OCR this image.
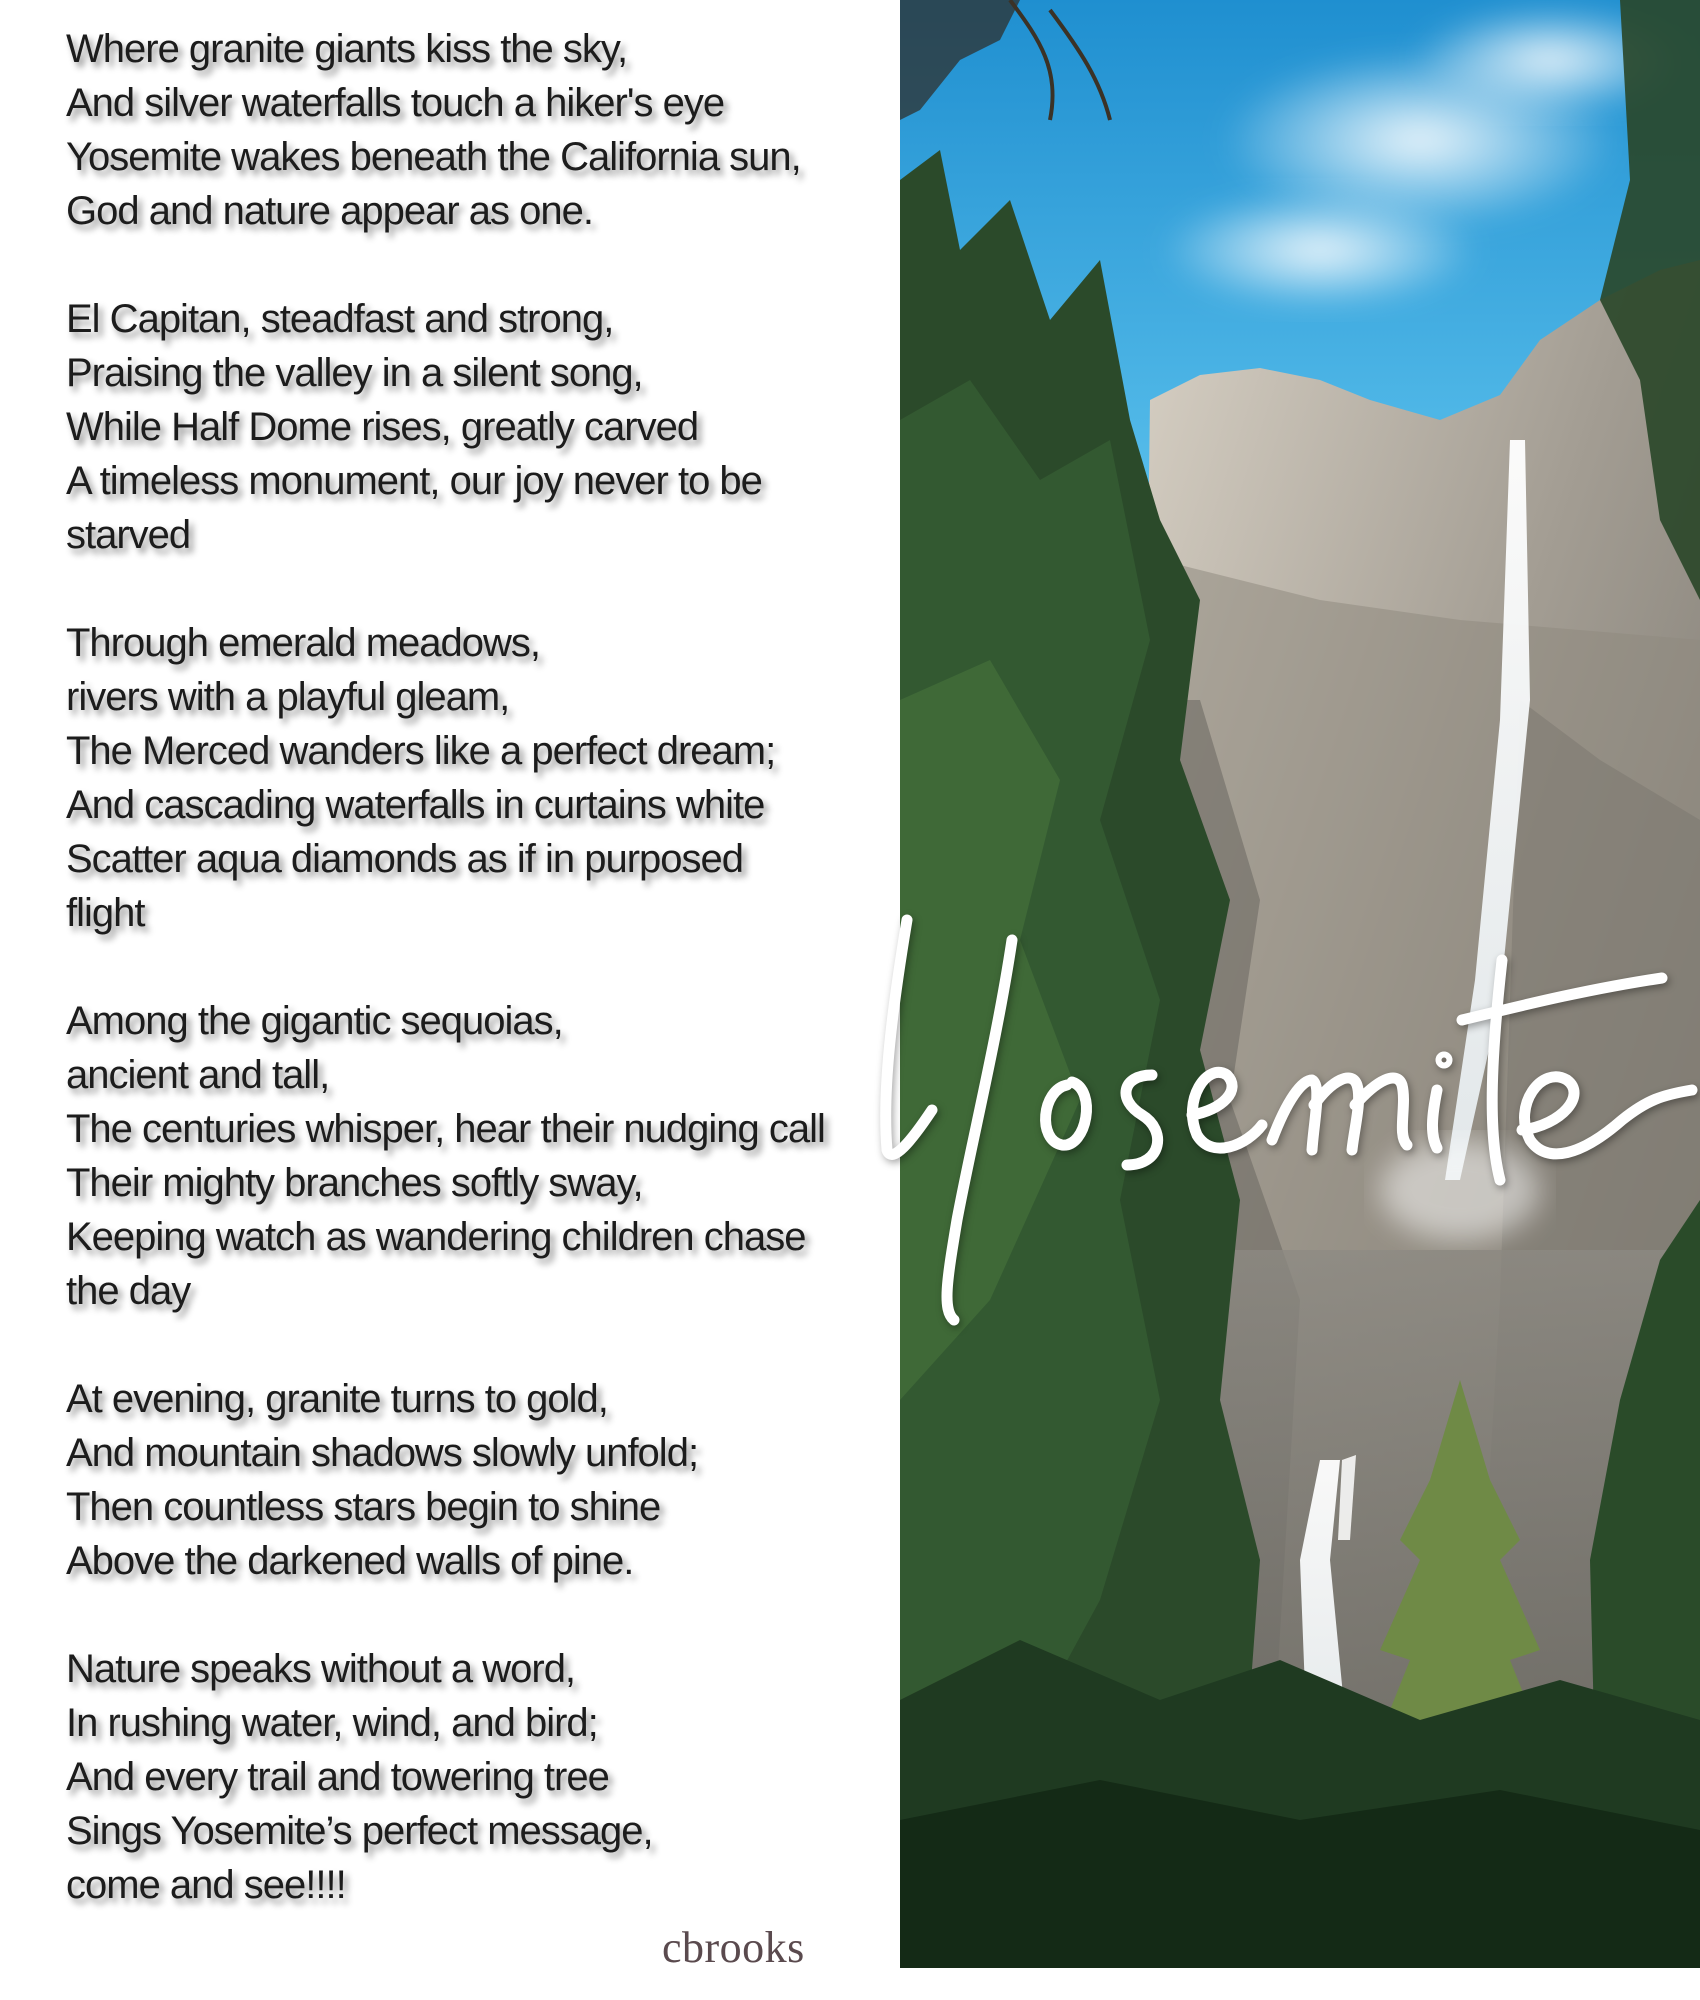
Where granite giants kiss the sky,
And silver waterfalls touch a hiker's eye
Yosemite wakes beneath the California sun,
God and nature appear as one.
El Capitan, steadfast and strong,
Praising the valley in a silent song,
While Half Dome rises, greatly carved
A timeless monument, our joy never to be
starved
Through emerald meadows,
rivers with a playful gleam,
The Merced wanders like a perfect dream;
And cascading waterfalls in curtains white
Scatter aqua diamonds as if in purposed
flight
Among the gigantic sequoias,
ancient and tall,
The centuries whisper, hear their nudging call
Their mighty branches softly sway,
Keeping watch as wandering children chase
the day
At evening, granite turns to gold,
And mountain shadows slowly unfold;
Then countless stars begin to shine
Above the darkened walls of pine.
Nature speaks without a word,
In rushing water, wind, and bird;
And every trail and towering tree
Sings Yosemite’s perfect message,
come and see!!!!
cbrooks
